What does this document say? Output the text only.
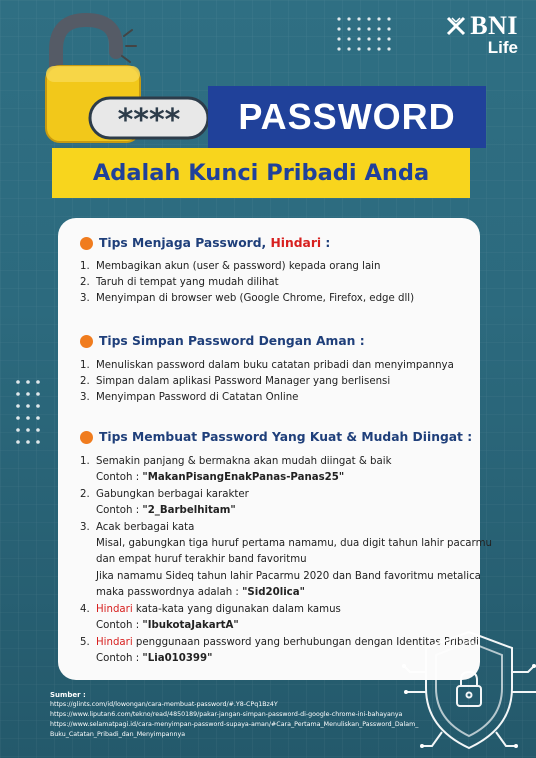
BNI
Life
****	PASSWORD
Adalah Kunci Pribadi Anda
Tips Menjaga Password, Hindari :
1. Membagikan akun (user & password) kepada orang lain
2. Taruh di tempat yang mudah dilihat
3. Menyimpan di browser web (Google Chrome, Firefox, edge dll)
Tips Simpan Password Dengan Aman :
1. Menuliskan password dalam buku catatan pribadi dan menyimpannya
2. Simpan dalam aplikasi Password Manager yang berlisensi
3. Menyimpan Password di Catatan Online
Tips Membuat Password Yang Kuat & Mudah Diingat :
1. Semakin panjang & bermakna akan mudah diingat & baik
Contoh : "MakanPisangEnakPanas-Panas25"
2. Gabungkan berbagai karakter
Contoh : "2_Barbelhitam"
3. Acak berbagai kata
Misal, gabungkan tiga huruf pertama namamu, dua digit tahun lahir pacarmu
dan empat huruf terakhir band favoritmu
Jika namamu Sideq tahun lahir Pacarmu 2020 dan Band favoritmu metalica
maka passwordnya adalah : "Sid20lica"
4. Hindari kata-kata yang digunakan dalam kamus
Contoh : "IbukotaJakartA"
5. Hindari penggunaan password yang berhubungan dengan Identitas Pribadi
Contoh : "Lia010399"
Sumber :
https://glints.com/id/lowongan/cara-membuat-password/#.Y8-CPq1Bz4Y
https://www.liputan6.com/tekno/read/4850189/pakar-jangan-simpan-password-di-google-chrome-ini-bahayanya
https://www.selamatpagi.id/cara-menyimpan-password-supaya-aman/#Cara_Pertama_Menuliskan_Password_Dalam_
Buku_Catatan_Pribadi_dan_Menyimpannya
